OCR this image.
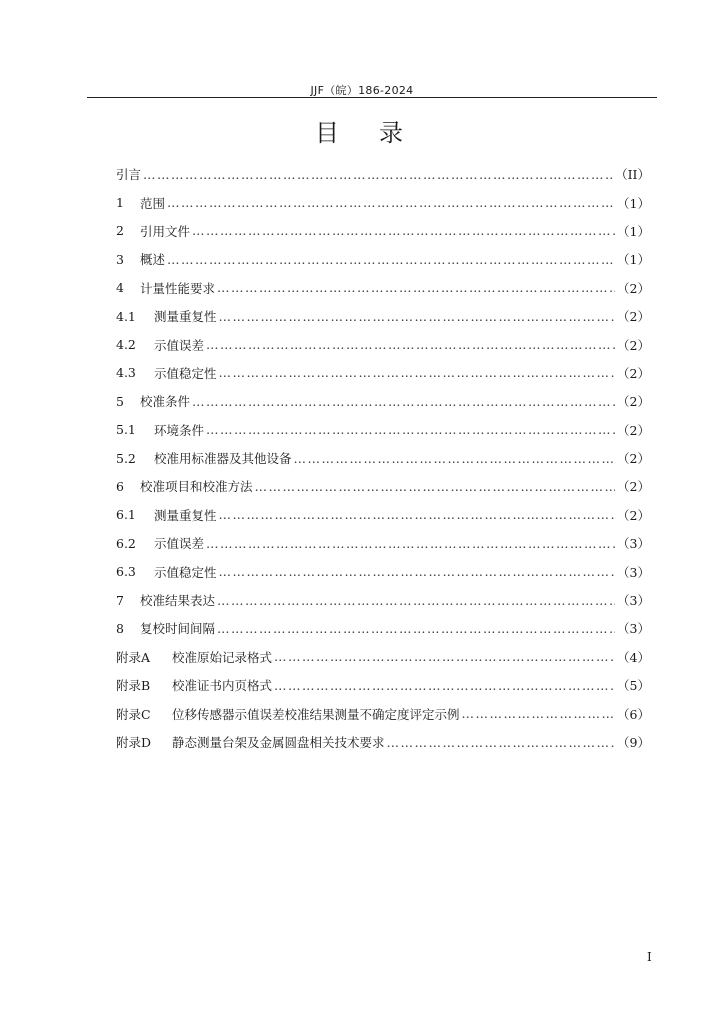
JJF（皖）186-2024
目 录
引言 ………………………………………………………………………………………………………………………………………………………………………………	（II）
1	范围 ………………………………………………………………………………………………………………………………………………………………………………	（1）
2	引用文件 ………………………………………………………………………………………………………………………………………………………………………………	（1）
3	概述 ………………………………………………………………………………………………………………………………………………………………………………	（1）
4	计量性能要求 ………………………………………………………………………………………………………………………………………………………………………………	（2）
4.1	测量重复性 ………………………………………………………………………………………………………………………………………………………………………………	（2）
4.2	示值误差 ………………………………………………………………………………………………………………………………………………………………………………	（2）
4.3	示值稳定性 ………………………………………………………………………………………………………………………………………………………………………………	（2）
5	校准条件 ………………………………………………………………………………………………………………………………………………………………………………	（2）
5.1	环境条件 ………………………………………………………………………………………………………………………………………………………………………………	（2）
5.2	校准用标准器及其他设备 ………………………………………………………………………………………………………………………………………………………………………………	（2）
6	校准项目和校准方法 ………………………………………………………………………………………………………………………………………………………………………………	（2）
6.1	测量重复性 ………………………………………………………………………………………………………………………………………………………………………………	（2）
6.2	示值误差 ………………………………………………………………………………………………………………………………………………………………………………	（3）
6.3	示值稳定性 ………………………………………………………………………………………………………………………………………………………………………………	（3）
7	校准结果表达 ………………………………………………………………………………………………………………………………………………………………………………	（3）
8	复校时间间隔 ………………………………………………………………………………………………………………………………………………………………………………	（3）
附录A	校准原始记录格式 ………………………………………………………………………………………………………………………………………………………………………………	（4）
附录B	校准证书内页格式 ………………………………………………………………………………………………………………………………………………………………………………	（5）
附录C	位移传感器示值误差校准结果测量不确定度评定示例 ………………………………………………………………………………………………………………………………………………………………………………	（6）
附录D	静态测量台架及金属圆盘相关技术要求 ………………………………………………………………………………………………………………………………………………………………………………	（9）
I
